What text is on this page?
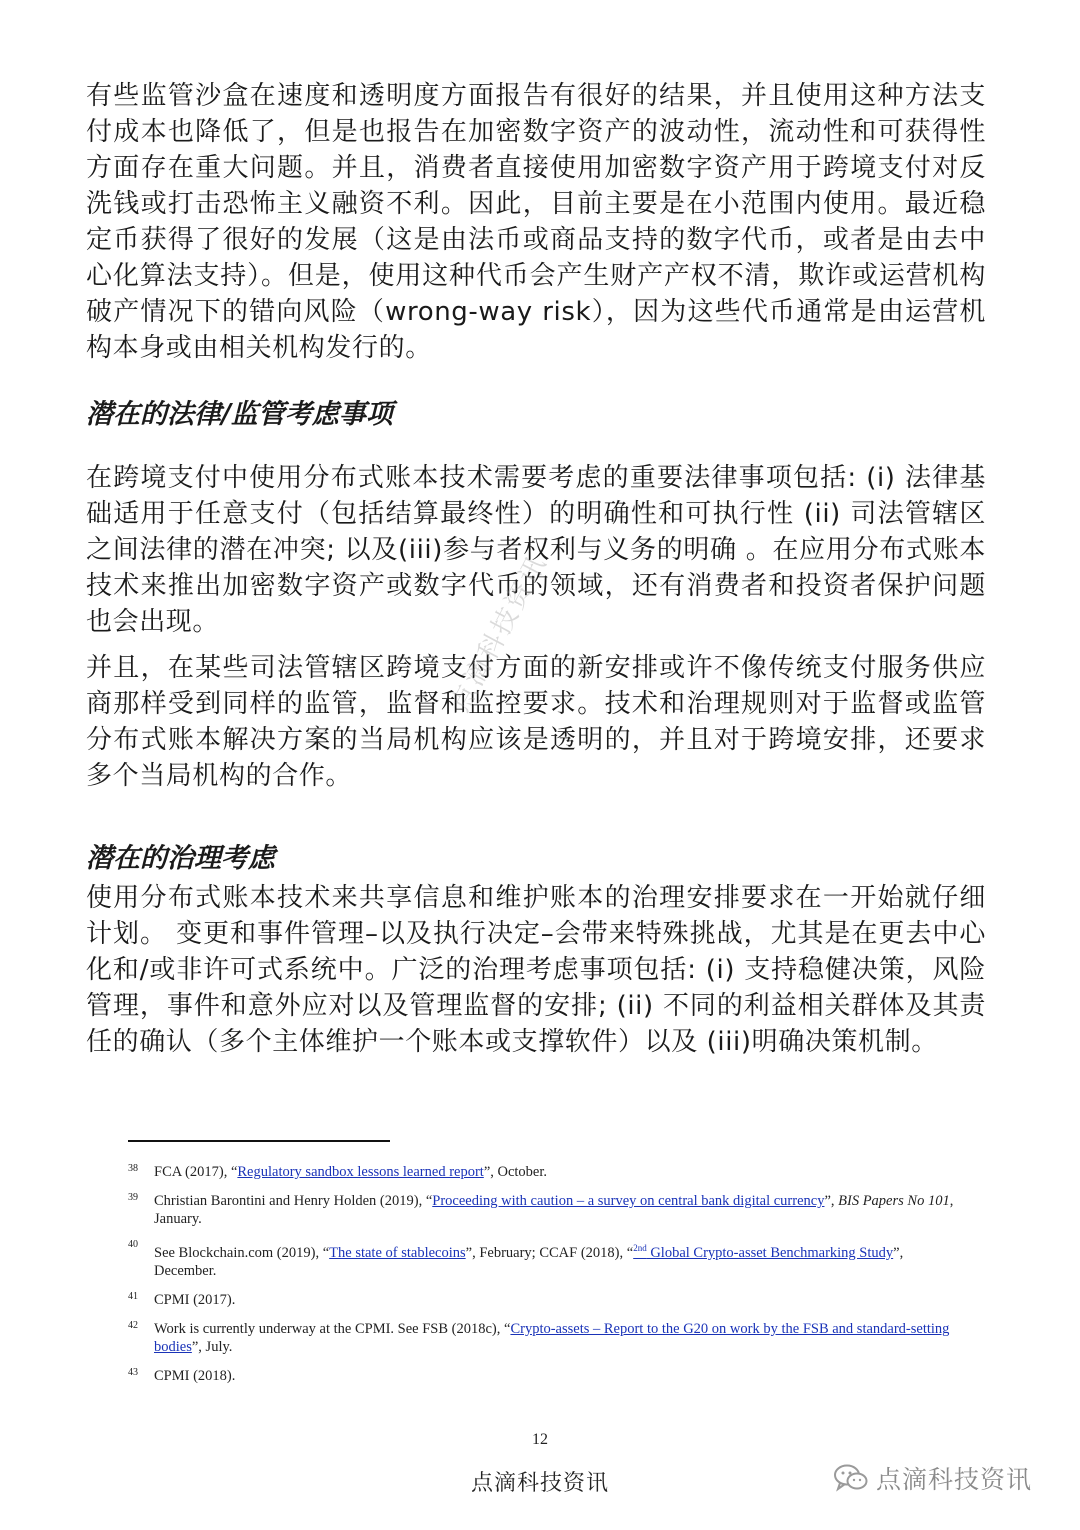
有些监管沙盒在速度和透明度方面报告有很好的结果，并且使用这种方法支付成本也降低了，但是也报告在加密数字资产的波动性，流动性和可获得性方面存在重大问题。并且，消费者直接使用加密数字资产用于跨境支付对反洗钱或打击恐怖主义融资不利。因此，目前主要是在小范围内使用。最近稳定币获得了很好的发展（这是由法币或商品支持的数字代币，或者是由去中心化算法支持）。但是，使用这种代币会产生财产产权不清，欺诈或运营机构破产情况下的错向风险（wrong-way risk），因为这些代币通常是由运营机构本身或由相关机构发行的。

潜在的法律/监管考虑事项

在跨境支付中使用分布式账本技术需要考虑的重要法律事项包括: (i) 法律基础适用于任意支付（包括结算最终性）的明确性和可执行性 (ii) 司法管辖区之间法律的潜在冲突; 以及(iii)参与者权利与义务的明确 。在应用分布式账本技术来推出加密数字资产或数字代币的领域，还有消费者和投资者保护问题也会出现。

并且，在某些司法管辖区跨境支付方面的新安排或许不像传统支付服务供应商那样受到同样的监管，监督和监控要求。技术和治理规则对于监督或监管分布式账本解决方案的当局机构应该是透明的，并且对于跨境安排，还要求多个当局机构的合作。

潜在的治理考虑

使用分布式账本技术来共享信息和维护账本的治理安排要求在一开始就仔细计划。 变更和事件管理–以及执行决定–会带来特殊挑战，尤其是在更去中心化和/或非许可式系统中。广泛的治理考虑事项包括: (i) 支持稳健决策，风险管理，事件和意外应对以及管理监督的安排; (ii) 不同的利益相关群体及其责任的确认（多个主体维护一个账本或支撑软件）以及 (iii)明确决策机制。

38 FCA (2017), “Regulatory sandbox lessons learned report”, October.
39 Christian Barontini and Henry Holden (2019), “Proceeding with caution – a survey on central bank digital currency”, BIS Papers No 101, January.
40
See Blockchain.com (2019), “The state of stablecoins”, February; CCAF (2018), “$^{2nd}$ Global Crypto-asset Benchmarking Study”, December.
41 CPMI (2017).
42 Work is currently underway at the CPMI. See FSB (2018c), “Crypto-assets – Report to the G20 on work by the FSB and standard-setting bodies”, July.
43 CPMI (2018).
12
点滴科技资讯	点滴科技资讯
点滴科技资讯
